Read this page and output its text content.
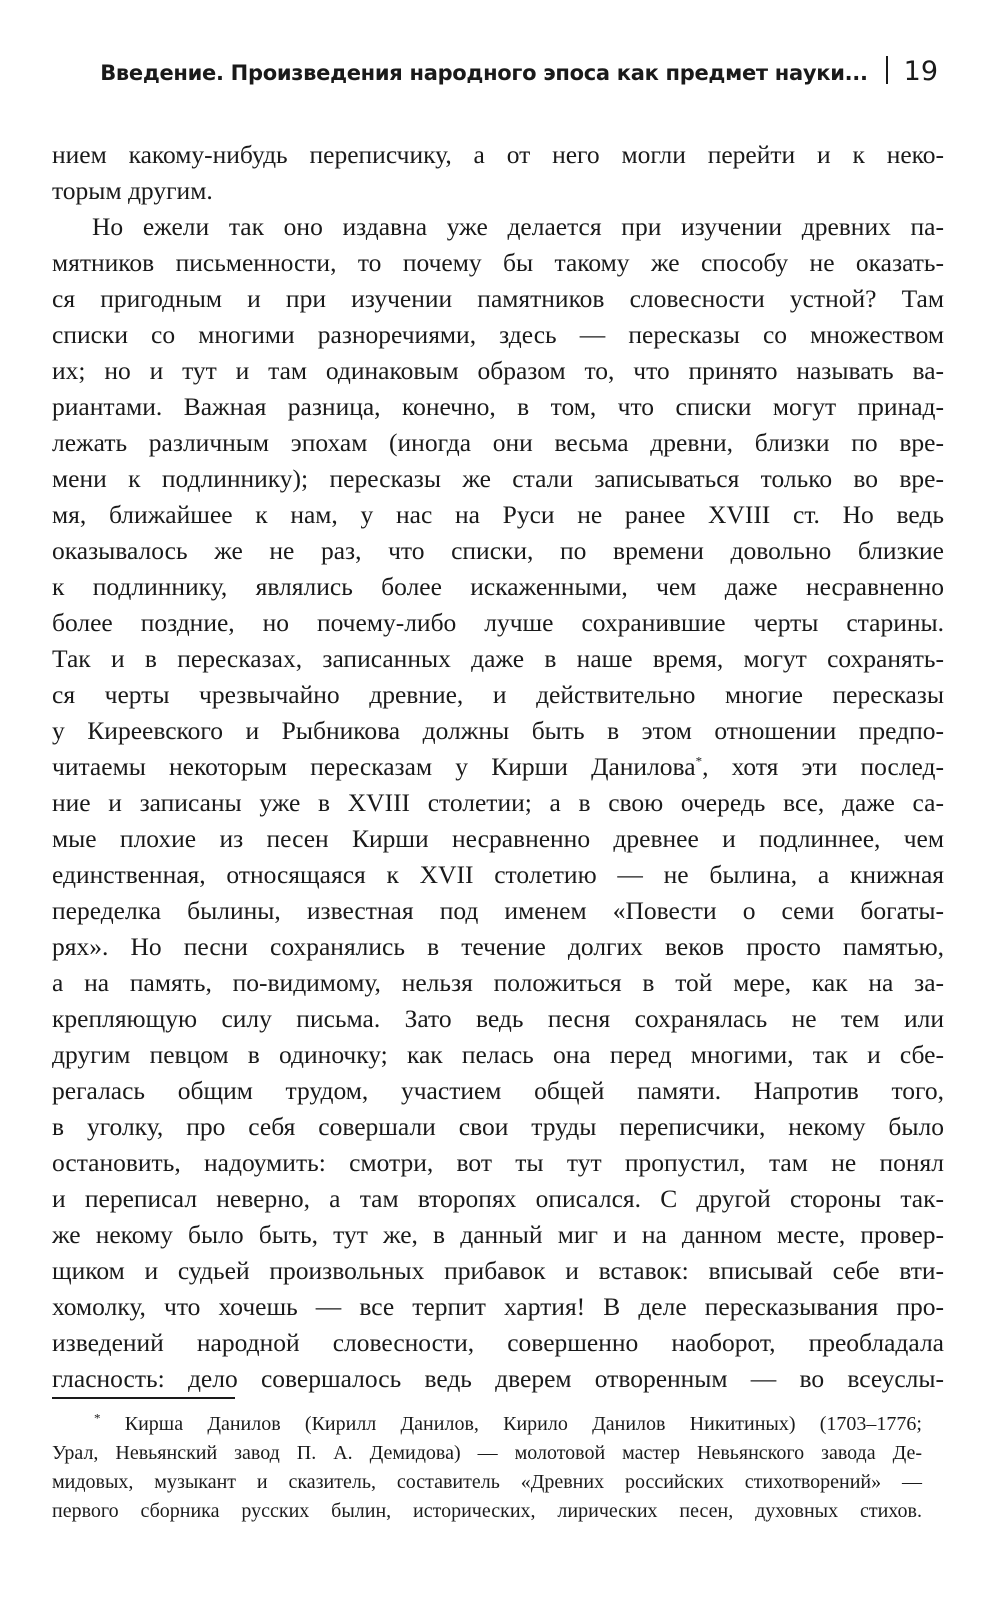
Введение. Произведения народного эпоса как предмет науки... 19
нием какому-нибудь переписчику, а от него могли перейти и к неко-
торым другим.
Но ежели так оно издавна уже делается при изучении древних па-
мятников письменности, то почему бы такому же способу не оказать-
ся пригодным и при изучении памятников словесности устной? Там
списки со многими разноречиями, здесь — пересказы со множеством
их; но и тут и там одинаковым образом то, что принято называть ва-
риантами. Важная разница, конечно, в том, что списки могут принад-
лежать различным эпохам (иногда они весьма древни, близки по вре-
мени к подлиннику); пересказы же стали записываться только во вре-
мя, ближайшее к нам, у нас на Руси не ранее XVIII ст. Но ведь
оказывалось же не раз, что списки, по времени довольно близкие
к подлиннику, являлись более искаженными, чем даже несравненно
более поздние, но почему-либо лучше сохранившие черты старины.
Так и в пересказах, записанных даже в наше время, могут сохранять-
ся черты чрезвычайно древние, и действительно многие пересказы
у Киреевского и Рыбникова должны быть в этом отношении предпо-
читаемы некоторым пересказам у Кирши Данилова*, хотя эти послед-
ние и записаны уже в XVIII столетии; а в свою очередь все, даже са-
мые плохие из песен Кирши несравненно древнее и подлиннее, чем
единственная, относящаяся к XVII столетию — не былина, а книжная
переделка былины, известная под именем «Повести о семи богаты-
рях». Но песни сохранялись в течение долгих веков просто памятью,
а на память, по-видимому, нельзя положиться в той мере, как на за-
крепляющую силу письма. Зато ведь песня сохранялась не тем или
другим певцом в одиночку; как пелась она перед многими, так и сбе-
регалась общим трудом, участием общей памяти. Напротив того,
в уголку, про себя совершали свои труды переписчики, некому было
остановить, надоумить: смотри, вот ты тут пропустил, там не понял
и переписал неверно, а там второпях описался. С другой стороны так-
же некому было быть, тут же, в данный миг и на данном месте, провер-
щиком и судьей произвольных прибавок и вставок: вписывай себе вти-
хомолку, что хочешь — все терпит хартия! В деле пересказывания про-
изведений народной словесности, совершенно наоборот, преобладала
гласность: дело совершалось ведь дверем отворенным — во всеуслы-
* Кирша Данилов (Кирилл Данилов, Кирило Данилов Никитиных) (1703–1776;
Урал, Невьянский завод П. А. Демидова) — молотовой мастер Невьянского завода Де-
мидовых, музыкант и сказитель, составитель «Древних российских стихотворений» —
первого сборника русских былин, исторических, лирических песен, духовных стихов.
